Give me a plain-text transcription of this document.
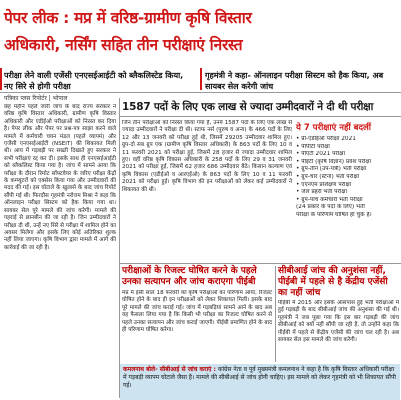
पेपर लीक : मप्र में वरिष्ठ-ग्रामीण कृषि विस्तार
अधिकारी, नर्सिंग सहित तीन परीक्षाएं निरस्त
परीक्षा लेने वाली एजेंसी एनएसईआईटी को ब्लैकलिस्टेड किया, नए सिरे से होगी परीक्षा
गृहमंत्री ने कहा- ऑनलाइन परीक्षा सिस्टम को हैक किया, अब सायबर सेल करेगी जांच
पत्रिका प्लस रिपोर्टर | भोपाल
छह महीने पहले जारी जांच के बाद राज्य सरकार ने वरिष्ठ कृषि विस्तार अधिकारी, ग्रामीण कृषि विस्तार अधिकारी और एडीईओ परीक्षाओं को निरस्त कर दिया है। पेपर लीक और पेपर पर प्रश्न-पत्र साझा करने वाले मामले में कर्मचारी चयन मंडल (पहले व्यापमं) और एजेंसी एनएसईआईटी (NSEIT) की शिकायत मिली थी। आय में गड़बड़ी पर सख्ती दिखाते हुए सरकार ने सभी परीक्षाएं रद्द कर दी। इसके साथ ही एनएसईआईटी को ब्लैकलिस्ट किया गया है। जांच में सामने आया कि परीक्षा के दौरान रिमोट सॉफ्टवेयर के जरिए परीक्षा केंद्रों के कम्प्यूटरों को एक्सेस किया गया और उम्मीदवारों की मदद की गई। इस घोटाले के खुलासे के बाद जांच रिपोर्ट सौंपी गई थी। फिरदौस गृहमंत्री नरोत्तम मिश्रा ने कहा कि ऑनलाइन परीक्षा सिस्टम को हैक किया गया था। सायबर सेल पूरे मामले की जांच करेगी। मामले की गहराई से छानबीन की जा रही है। जिन उम्मीदवारों ने परीक्षा दी थी, उन्हें नए सिरे से परीक्षा में शामिल होने का अवसर मिलेगा और इसके लिए कोई अतिरिक्त शुल्क नहीं लिया जाएगा। कृषि विभाग द्वारा मामले में आगे की कार्रवाई की जा रही है।
1587 पदों के लिए एक लाख से ज्यादा उम्मीदवारों ने दी थी परीक्षा
जिन तीन परीक्षाओं को निरस्त किया गया है, उनमें 1587 पदों के लिए एक लाख से ज्यादा उम्मीदवारों ने परीक्षा दी थी। स्टाफ नर्स (पुरुष व अन्य) के 466 पदों के लिए 12 और 13 जनवरी को परीक्षा हुई थी, जिसमें 29205 उम्मीदवार शामिल हुए। ग्रुप-दो सब ग्रुप एक (ग्रामीण कृषि विस्तार अधिकारी) के 863 पदों के लिए 10 व 11 फरवरी 2021 को परीक्षा हुई, जिसमें 28 हजार से ज्यादा उम्मीदवार शामिल हुए। वहीं वरिष्ठ कृषि विकास अधिकारी के 258 पदों के लिए 29 व 31 जनवरी 2021 को परीक्षा हुई, जिसमें 62 हजार 686 उम्मीदवार बैठे। किसान कल्याण एवं कृषि विकास (एडीईओ व आरएईओ) के 863 पदों के लिए 10 व 11 फरवरी 2021 को परीक्षा हुई। कृषि विभाग की इन परीक्षाओं को लेकर कई उम्मीदवारों ने शिकायत की थी।
ये 7 परीक्षाएं नहीं बदलीं
• प्री-एडीईओ परीक्षा 2021
• पीपीटी परीक्षा
• पीएटी 2021 परीक्षा
• पीईटी (कृषि विज्ञान) प्रवेश परीक्षा
• ग्रुप-तीन (उप-यंत्री) भर्ती परीक्षा
• ग्रुप-चार (स्टेनो) भर्ती परीक्षा
• एएनएम प्रशिक्षण परीक्षा
• जेल प्रहरी भर्ती परीक्षा
• ग्रुप-पांच कर्मचारी भर्ती परीक्षा
(24 प्रकार के पदों के लिए) भर्ती
परीक्षा के परिणाम घोषित हो चुके हैं।
परीक्षाओं के रिजल्ट घोषित करने के पहले उनका सत्यापन और जांच कराएगा पीईबी
मप्र में इसी साल 18 फरवरी को कृषि परीक्षाओं का परिणाम आया, रिजल्ट घोषित होने के बाद ही इन परीक्षाओं को लेकर शिकायत मिली। इसके बाद पूरे मामले की जांच कराई गई। जांच में गड़बड़ियां सामने आने के बाद अब यह फैसला लिया गया है कि किसी भी परीक्षा का रिजल्ट घोषित करने से पहले उनका सत्यापन और जांच कराई जाएगी। पीईबी प्रमाणित होने के बाद ही परिणाम घोषित करेगा।
सीबीआई जांच की अनुशंसा नहीं, पीईबी में पहले से है केंद्रीय एजेंसी का नहीं जांच
पीईबी में 2015 और इसके आसपास हुई भर्ती परीक्षाओं में हुई गड़बड़ी के बाद सीबीआई जांच की अनुशंसा की गई थी। गृहमंत्री ने जब पूछा गया कि इस बार गड़बड़ी की जांच सीबीआई को क्यों नहीं सौंपी जा रही है, तो उन्होंने कहा कि पीईबी में पहले से केंद्रीय एजेंसी की जांच चल रही है। अब सायबर सेल इस मामले की जांच करेगी।
कमलनाथ बोले- सीबीआई से जांच कराएं : कांग्रेस नेता व पूर्व मुख्यमंत्री कमलनाथ ने कहा है कि कृषि विस्तार अधिकारी परीक्षा में गड़बड़ी व्यापम घोटाले जैसा है। मामले की सीबीआई से जांच होनी चाहिए। इस मामले को लेकर गृहमंत्री को भी शिकायत सौंपी गई।
